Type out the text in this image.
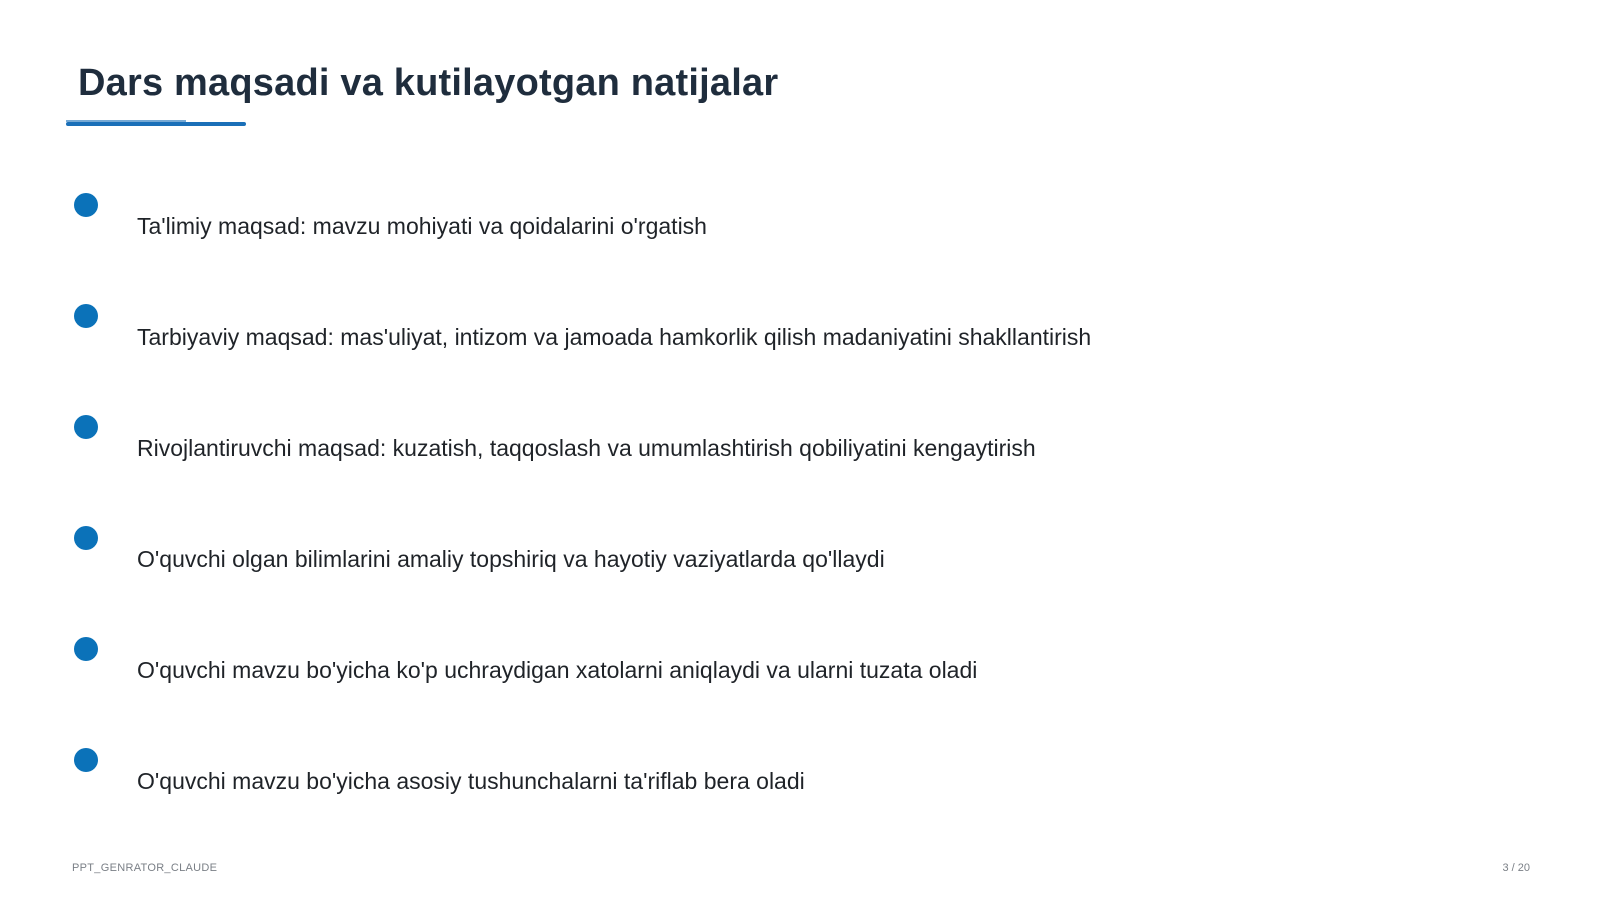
Dars maqsadi va kutilayotgan natijalar
Ta'limiy maqsad: mavzu mohiyati va qoidalarini o'rgatish
Tarbiyaviy maqsad: mas'uliyat, intizom va jamoada hamkorlik qilish madaniyatini shakllantirish
Rivojlantiruvchi maqsad: kuzatish, taqqoslash va umumlashtirish qobiliyatini kengaytirish
O'quvchi olgan bilimlarini amaliy topshiriq va hayotiy vaziyatlarda qo'llaydi
O'quvchi mavzu bo'yicha ko'p uchraydigan xatolarni aniqlaydi va ularni tuzata oladi
O'quvchi mavzu bo'yicha asosiy tushunchalarni ta'riflab bera oladi
PPT_GENRATOR_CLAUDE	3 / 20
